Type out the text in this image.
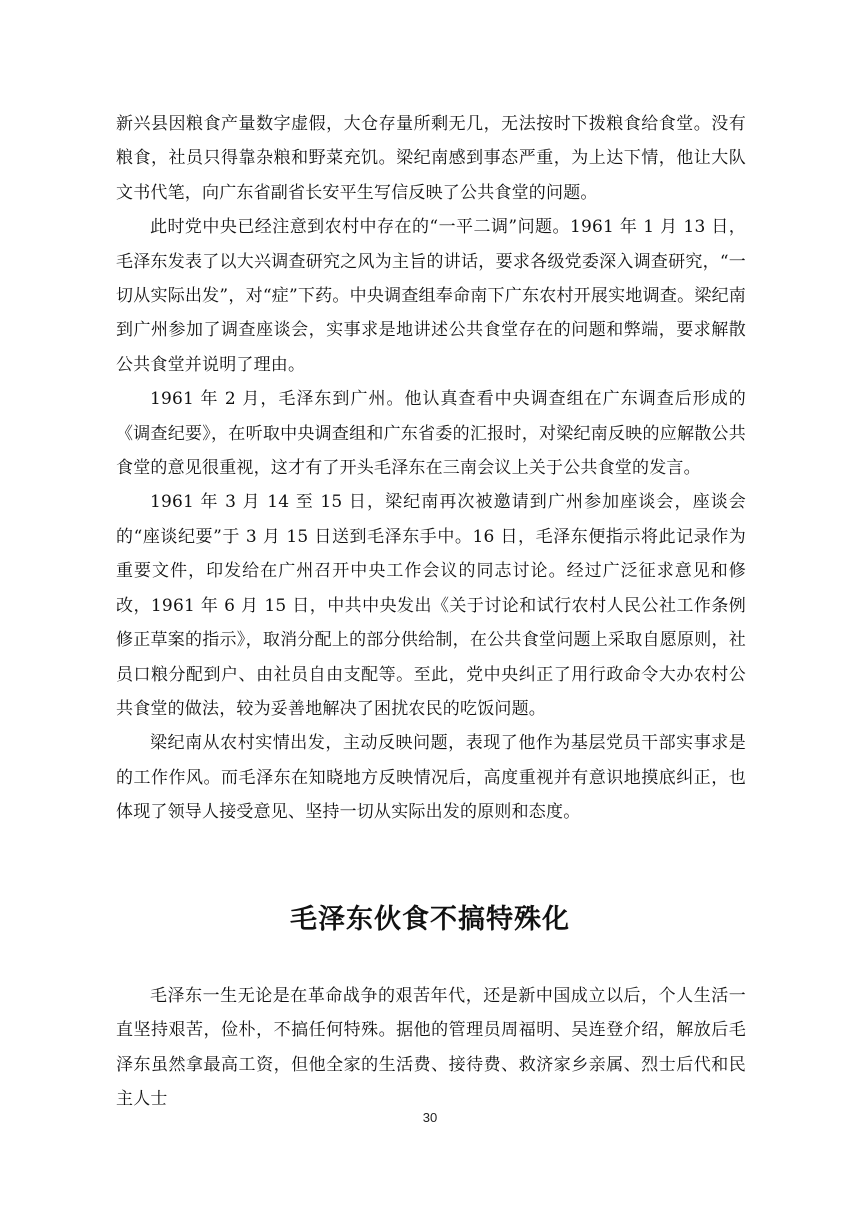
新兴县因粮食产量数字虚假，大仓存量所剩无几，无法按时下拨粮食给食堂。没有粮食，社员只得靠杂粮和野菜充饥。梁纪南感到事态严重，为上达下情，他让大队文书代笔，向广东省副省长安平生写信反映了公共食堂的问题。

此时党中央已经注意到农村中存在的“一平二调”问题。1961 年 1 月 13 日，毛泽东发表了以大兴调查研究之风为主旨的讲话，要求各级党委深入调查研究，“一切从实际出发”，对“症”下药。中央调查组奉命南下广东农村开展实地调查。梁纪南到广州参加了调查座谈会，实事求是地讲述公共食堂存在的问题和弊端，要求解散公共食堂并说明了理由。

1961 年 2 月，毛泽东到广州。他认真查看中央调查组在广东调查后形成的《调查纪要》，在听取中央调查组和广东省委的汇报时，对梁纪南反映的应解散公共食堂的意见很重视，这才有了开头毛泽东在三南会议上关于公共食堂的发言。

1961 年 3 月 14 至 15 日，梁纪南再次被邀请到广州参加座谈会，座谈会的“座谈纪要”于 3 月 15 日送到毛泽东手中。16 日，毛泽东便指示将此记录作为重要文件，印发给在广州召开中央工作会议的同志讨论。经过广泛征求意见和修改，1961 年 6 月 15 日，中共中央发出《关于讨论和试行农村人民公社工作条例修正草案的指示》，取消分配上的部分供给制，在公共食堂问题上采取自愿原则，社员口粮分配到户、由社员自由支配等。至此，党中央纠正了用行政命令大办农村公共食堂的做法，较为妥善地解决了困扰农民的吃饭问题。

梁纪南从农村实情出发，主动反映问题，表现了他作为基层党员干部实事求是的工作作风。而毛泽东在知晓地方反映情况后，高度重视并有意识地摸底纠正，也体现了领导人接受意见、坚持一切从实际出发的原则和态度。

毛泽东伙食不搞特殊化

毛泽东一生无论是在革命战争的艰苦年代，还是新中国成立以后，个人生活一直坚持艰苦，俭朴，不搞任何特殊。据他的管理员周福明、吴连登介绍，解放后毛泽东虽然拿最高工资，但他全家的生活费、接待费、救济家乡亲属、烈士后代和民主人士

30
